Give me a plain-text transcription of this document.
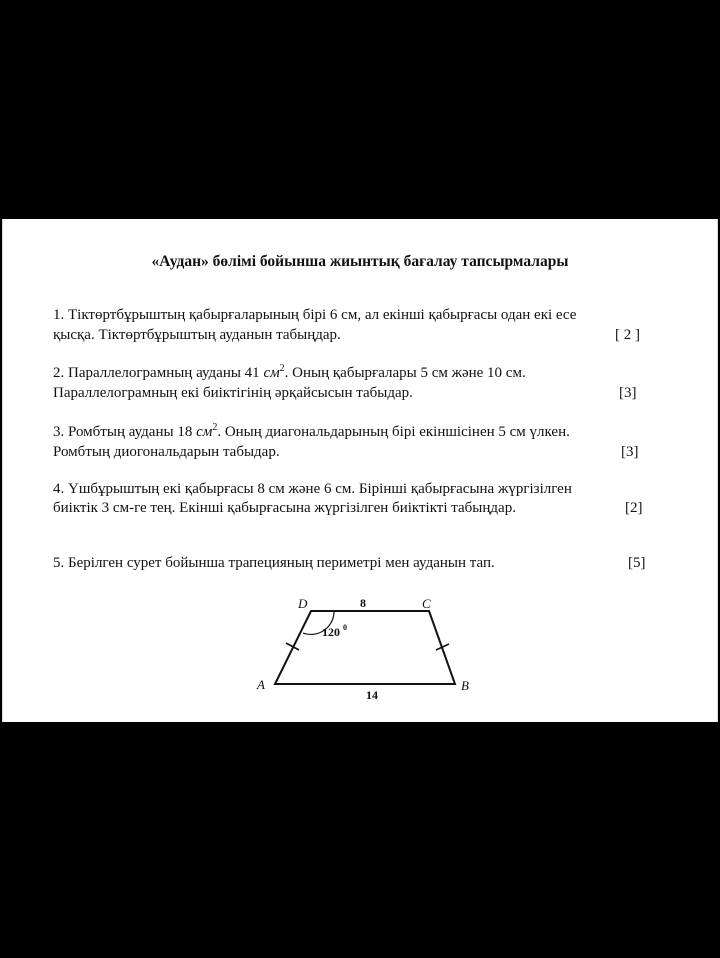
«Аудан» бөлімі бойынша жиынтық бағалау тапсырмалары
1. Тіктөртбұрыштың қабырғаларының бірі 6 см, ал екінші қабырғасы одан екі есе
қысқа. Тіктөртбұрыштың ауданын табыңдар.	[ 2 ]
2. Параллелограмның ауданы 41 $см^2$. Оның қабырғалары 5 см және 10 см.
Параллелограмның екі биіктігінің әрқайсысын табыдар.	[3]
3. Ромбтың ауданы 18 $см^2$. Оның диагональдарының бірі екіншісінен 5 см үлкен.
Ромбтың диогональдарын табыдар.	[3]
4. Үшбұрыштың екі қабырғасы 8 см және 6 см. Бірінші қабырғасына жүргізілген
биіктік 3 см-ге тең. Екінші қабырғасына жүргізілген биіктікті табыңдар.	[2]
5. Берілген сурет бойынша трапецияның периметрі мен ауданын тап.	[5]
D	C
A	B
8
14
120 0
